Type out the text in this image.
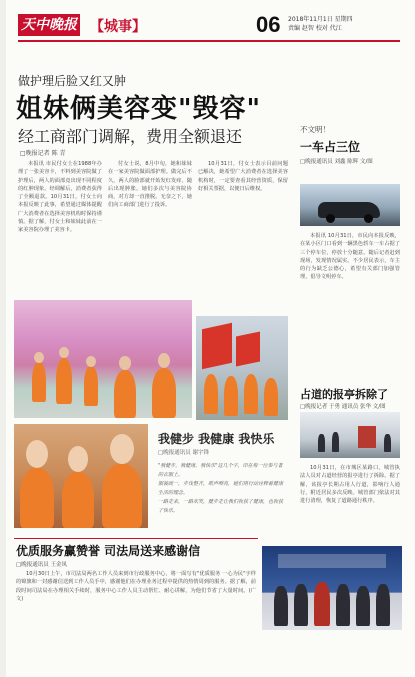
天中晚报 【城事】	06 2018年11月1日 星期四
责编 赵智 校对 代江
做护理后脸又红又肿
姐妹俩美容变"毁容"
经工商部门调解，费用全额退还
□晚报记者 陈 青

本报讯 市民付女士在1988年办理了一张美容卡，不料到美容院做了护理后，两人的面部竟出现不同程度的红肿现象。经调解后，消费者获得了全额退款。10月31日，付女士向本报反映了此事，希望通过媒体提醒广大消费者在选择美容机构时保持谨慎。据了解，付女士和妹妹此前在一家美容院办理了美容卡。

付女士说，8月中旬，她和妹妹在一家美容院做面部护理。做完后不久，两人的脸部就开始发红发痒，随后出现肿胀。她们多次与美容院协商，对方却一直推脱。无奈之下，她们向工商部门进行了投诉。

10月31日，付女士表示目前问题已解决，她希望广大消费者在选择美容机构时，一定要查看其经营资质，保留好相关票据，以便日后维权。

我健步 我健康 我快乐
□晚报通讯员 谢宇锋
"我健步，我健康，我快乐"这几个字，印在每一位参与者的衣服上。
服装统一，步伐整齐，歌声嘹亮，她们用行动诠释着健康生活的理念。
一路走来，一路欢笑，健步走让我们收获了健康，也收获了快乐。
不文明！
一车占三位
□晚报通讯员 刘鑫 陈辉 文/图

本报讯 10月31日，市民向本报反映，在某小区门口看到一辆黑色轿车一车占据了三个停车位，停放十分随意。随后记者赶到现场，发现情况属实。不少居民表示，车主的行为缺乏公德心，希望有关部门加强管理，倡导文明停车。

占道的报亭拆除了
□晚报记者 于勇 通讯员 张华 文/图

10月31日，在市城区某路口，城管执法人员对占道经营的报亭进行了拆除。据了解，该报亭长期占用人行道，影响行人通行，附近居民多次反映。城管部门依法对其进行清理，恢复了道路通行秩序。

优质服务赢赞誉 司法局送来感谢信
□晚报通讯员 王金凤

10月30日上午，市司法局两名工作人员来到市行政服务中心，将一面写有"优质服务 一心为民"字样的锦旗和一封感谢信送到工作人员手中，感谢他们在办理业务过程中提供的热情周到的服务。据了解，前段时间司法局在办理相关手续时，服务中心工作人员主动帮忙、耐心讲解，为他们节省了大量时间。(广文)
